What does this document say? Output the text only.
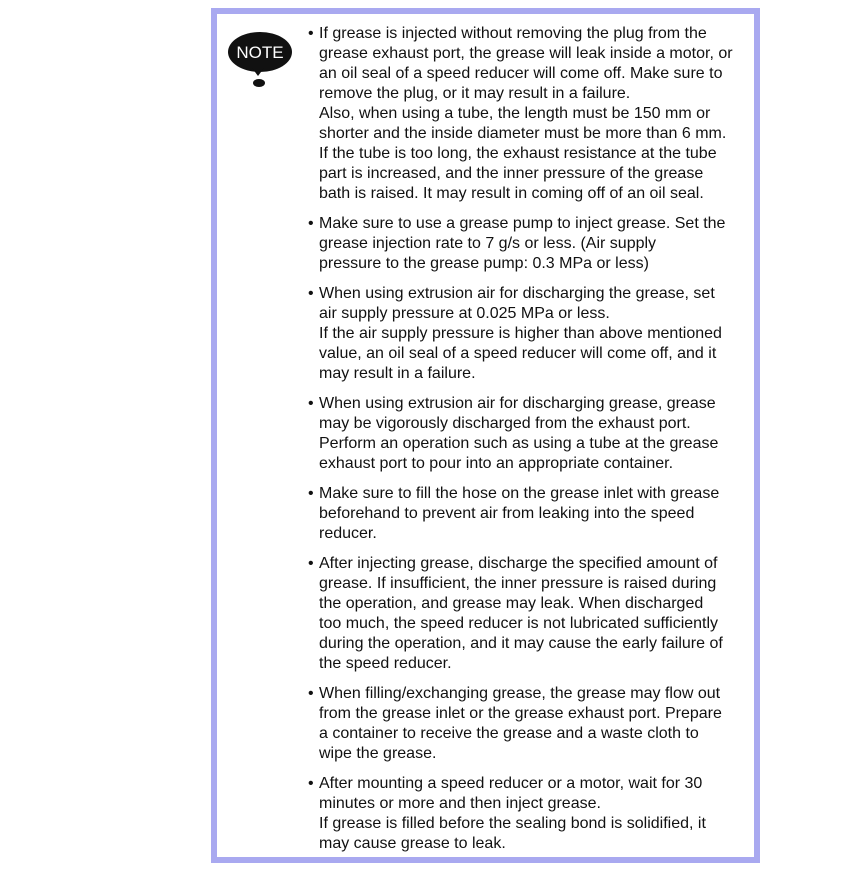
NOTE
• If grease is injected without removing the plug from the
grease exhaust port, the grease will leak inside a motor, or
an oil seal of a speed reducer will come off. Make sure to
remove the plug, or it may result in a failure.
Also, when using a tube, the length must be 150 mm or
shorter and the inside diameter must be more than 6 mm.
If the tube is too long, the exhaust resistance at the tube
part is increased, and the inner pressure of the grease
bath is raised. It may result in coming off of an oil seal.
• Make sure to use a grease pump to inject grease. Set the
grease injection rate to 7 g/s or less. (Air supply
pressure to the grease pump: 0.3 MPa or less)
• When using extrusion air for discharging the grease, set
air supply pressure at 0.025 MPa or less.
If the air supply pressure is higher than above mentioned
value, an oil seal of a speed reducer will come off, and it
may result in a failure.
• When using extrusion air for discharging grease, grease
may be vigorously discharged from the exhaust port.
Perform an operation such as using a tube at the grease
exhaust port to pour into an appropriate container.
• Make sure to fill the hose on the grease inlet with grease
beforehand to prevent air from leaking into the speed
reducer.
• After injecting grease, discharge the specified amount of
grease. If insufficient, the inner pressure is raised during
the operation, and grease may leak. When discharged
too much, the speed reducer is not lubricated sufficiently
during the operation, and it may cause the early failure of
the speed reducer.
• When filling/exchanging grease, the grease may flow out
from the grease inlet or the grease exhaust port. Prepare
a container to receive the grease and a waste cloth to
wipe the grease.
• After mounting a speed reducer or a motor, wait for 30
minutes or more and then inject grease.
If grease is filled before the sealing bond is solidified, it
may cause grease to leak.
